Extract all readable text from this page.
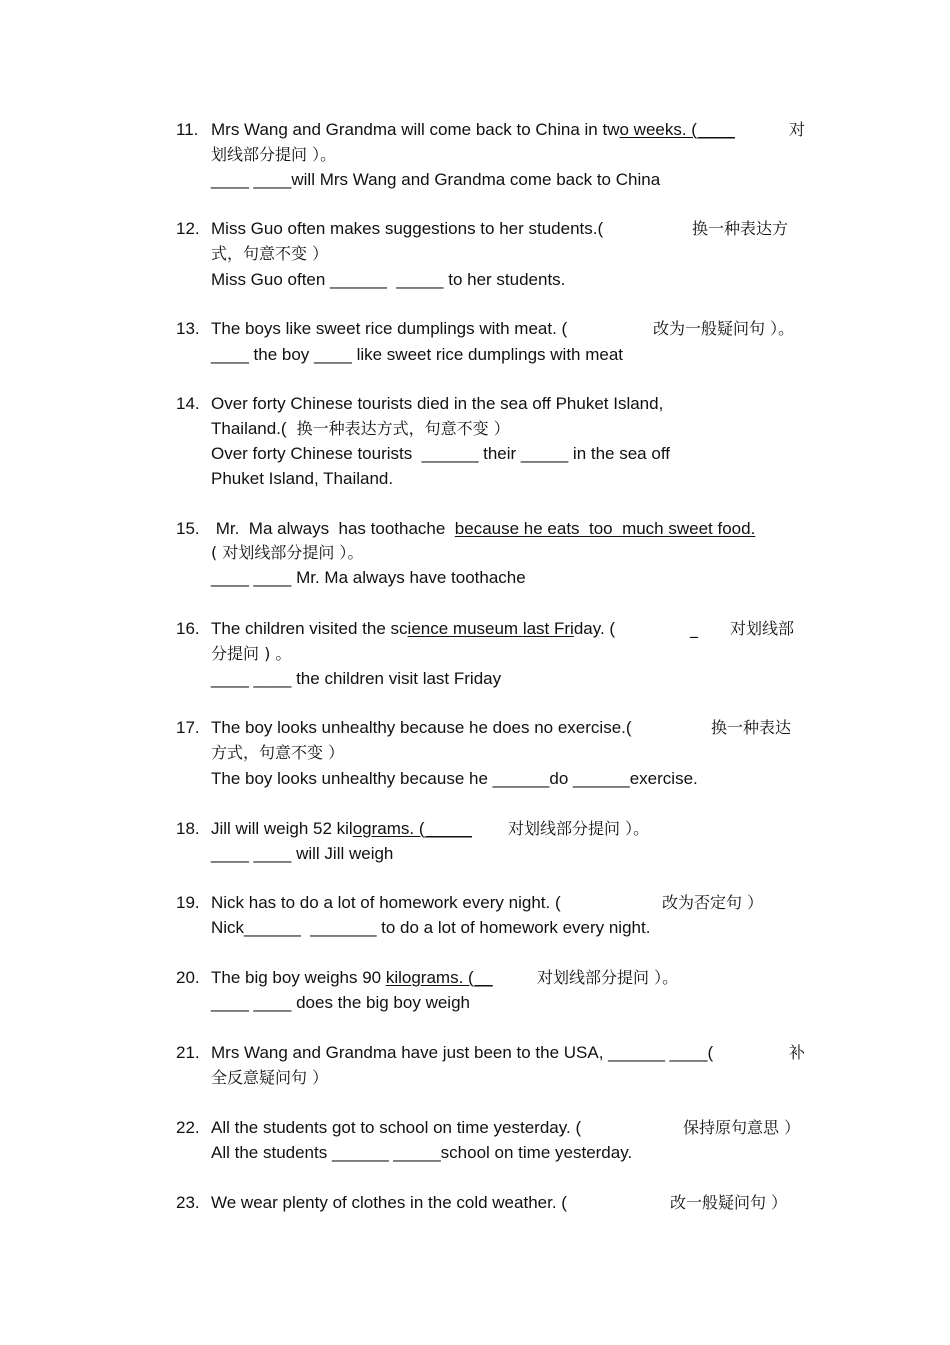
11. Mrs Wang and Grandma will come back to China in two weeks. (____	对
划线部分提问 ）。
____ ____will Mrs Wang and Grandma come back to China
12. Miss Guo often makes suggestions to her students.(	换一种表达方
式，句意不变 ）
Miss Guo often ______  _____ to her students.
13. The boys like sweet rice dumplings with meat. (	改为一般疑问句 ）。
____ the boy ____ like sweet rice dumplings with meat
14. Over forty Chinese tourists died in the sea off Phuket Island,
Thailand.( 换一种表达方式，句意不变 ）
Over forty Chinese tourists  ______ their _____ in the sea off
Phuket Island, Thailand.
15. Mr.  Ma always  has toothache  because he eats  too  much sweet food.
( 对划线部分提问 ）。
____ ____ Mr. Ma always have toothache
16. The children visited the science museum last Friday. (	_ 对划线部
分提问 ) 。
____ ____ the children visit last Friday
17. The boy looks unhealthy because he does no exercise.(	换一种表达
方式，句意不变 ）
The boy looks unhealthy because he ______do ______exercise.
18. Jill will weigh 52 kilograms. (_____ 对划线部分提问 ）。
____ ____ will Jill weigh
19. Nick has to do a lot of homework every night. (	改为否定句 ）
Nick______  _______ to do a lot of homework every night.
20. The big boy weighs 90 kilograms. (__	对划线部分提问 ）。
____ ____ does the big boy weigh
21. Mrs Wang and Grandma have just been to the USA, ______ ____(	补
全反意疑问句 ）
22. All the students got to school on time yesterday. (	保持原句意思 ）
All the students ______ _____school on time yesterday.
23. We wear plenty of clothes in the cold weather. (	改一般疑问句 ）
